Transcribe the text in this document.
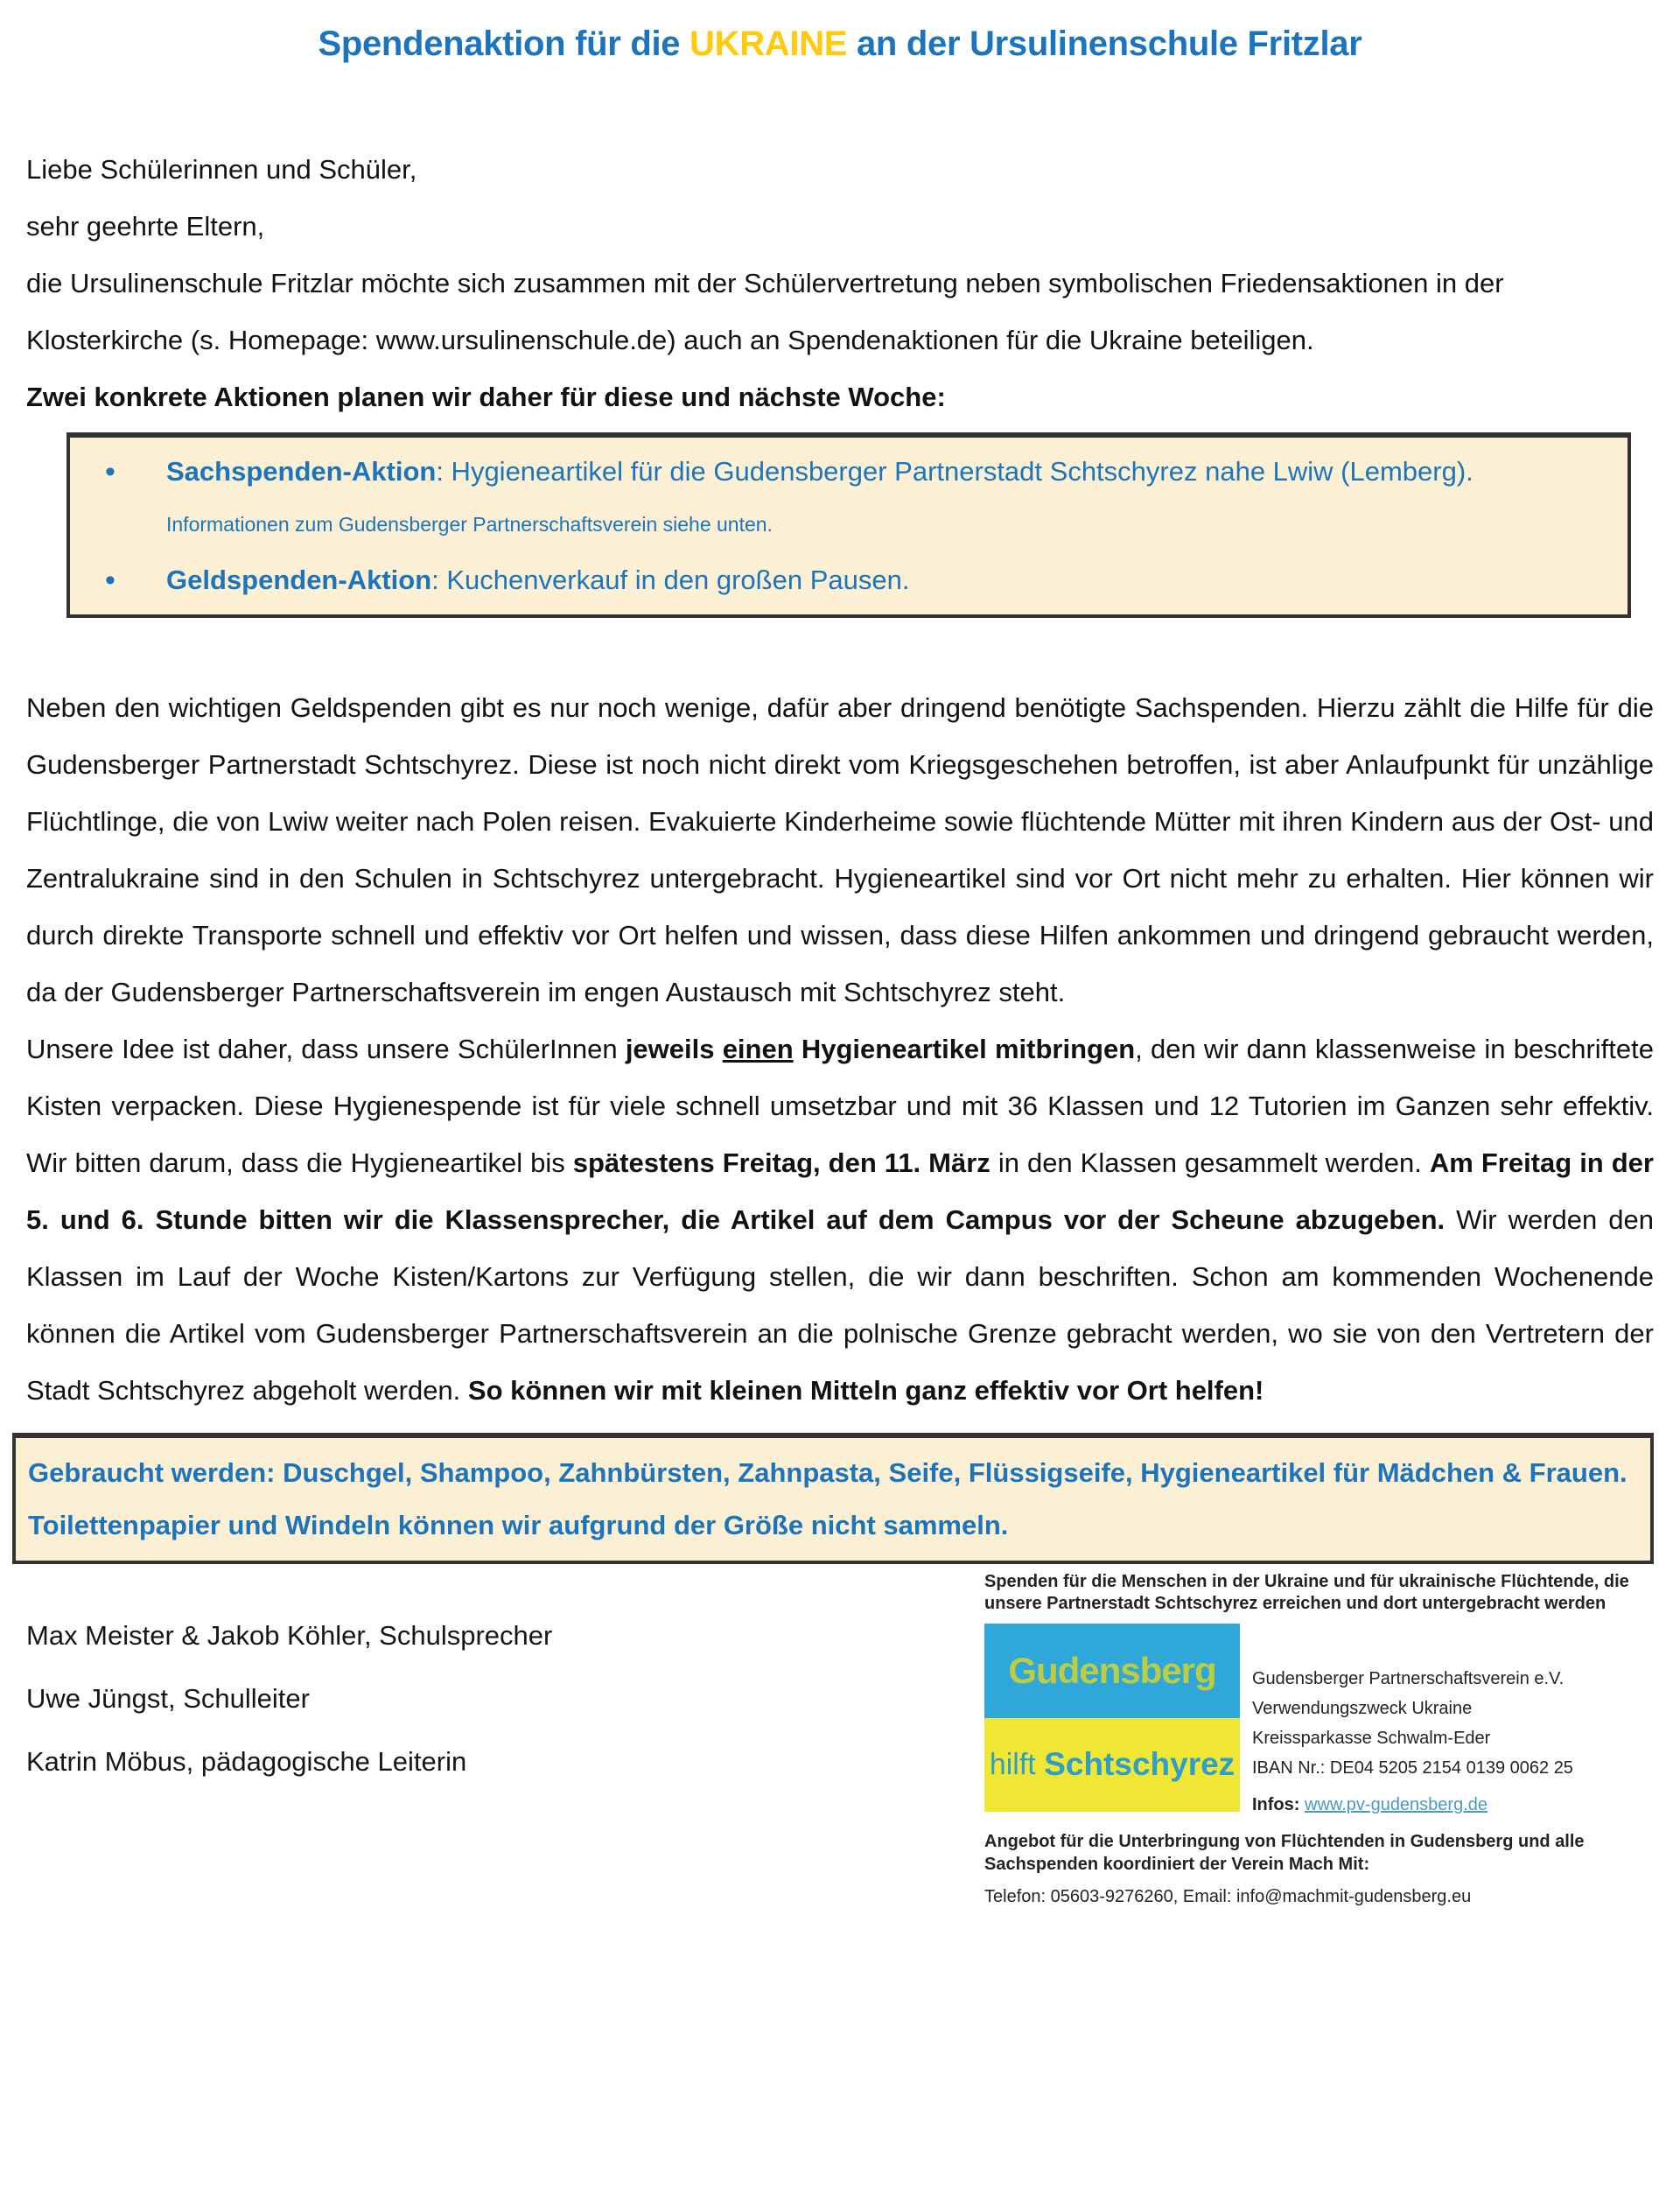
Spendenaktion für die UKRAINE an der Ursulinenschule Fritzlar
Liebe Schülerinnen und Schüler,
sehr geehrte Eltern,
die Ursulinenschule Fritzlar möchte sich zusammen mit der Schülervertretung neben symbolischen Friedensaktionen in der Klosterkirche (s. Homepage: www.ursulinenschule.de) auch an Spendenaktionen für die Ukraine beteiligen.
Zwei konkrete Aktionen planen wir daher für diese und nächste Woche:
• Sachspenden-Aktion: Hygieneartikel für die Gudensberger Partnerstadt Schtschyrez nahe Lwiw (Lemberg). Informationen zum Gudensberger Partnerschaftsverein siehe unten.
• Geldspenden-Aktion: Kuchenverkauf in den großen Pausen.
Neben den wichtigen Geldspenden gibt es nur noch wenige, dafür aber dringend benötigte Sachspenden. Hierzu zählt die Hilfe für die Gudensberger Partnerstadt Schtschyrez. Diese ist noch nicht direkt vom Kriegsgeschehen betroffen, ist aber Anlaufpunkt für unzählige Flüchtlinge, die von Lwiw weiter nach Polen reisen. Evakuierte Kinderheime sowie flüchtende Mütter mit ihren Kindern aus der Ost- und Zentralukraine sind in den Schulen in Schtschyrez untergebracht. Hygieneartikel sind vor Ort nicht mehr zu erhalten. Hier können wir durch direkte Transporte schnell und effektiv vor Ort helfen und wissen, dass diese Hilfen ankommen und dringend gebraucht werden, da der Gudensberger Partnerschaftsverein im engen Austausch mit Schtschyrez steht.
Unsere Idee ist daher, dass unsere SchülerInnen jeweils einen Hygieneartikel mitbringen, den wir dann klassenweise in beschriftete Kisten verpacken. Diese Hygienespende ist für viele schnell umsetzbar und mit 36 Klassen und 12 Tutorien im Ganzen sehr effektiv. Wir bitten darum, dass die Hygieneartikel bis spätestens Freitag, den 11. März in den Klassen gesammelt werden. Am Freitag in der 5. und 6. Stunde bitten wir die Klassensprecher, die Artikel auf dem Campus vor der Scheune abzugeben. Wir werden den Klassen im Lauf der Woche Kisten/Kartons zur Verfügung stellen, die wir dann beschriften. Schon am kommenden Wochenende können die Artikel vom Gudensberger Partnerschaftsverein an die polnische Grenze gebracht werden, wo sie von den Vertretern der Stadt Schtschyrez abgeholt werden. So können wir mit kleinen Mitteln ganz effektiv vor Ort helfen!
Gebraucht werden: Duschgel, Shampoo, Zahnbürsten, Zahnpasta, Seife, Flüssigseife, Hygieneartikel für Mädchen & Frauen. Toilettenpapier und Windeln können wir aufgrund der Größe nicht sammeln.
Max Meister & Jakob Köhler, Schulsprecher
Uwe Jüngst, Schulleiter
Katrin Möbus, pädagogische Leiterin
Spenden für die Menschen in der Ukraine und für ukrainische Flüchtende, die unsere Partnerstadt Schtschyrez erreichen und dort untergebracht werden
Gudensberg
hilft
Schtschyrez
Gudensberger Partnerschaftsverein e.V.
Verwendungszweck Ukraine
Kreissparkasse Schwalm-Eder
IBAN Nr.: DE04 5205 2154 0139 0062 25
Infos: www.pv-gudensberg.de
Angebot für die Unterbringung von Flüchtenden in Gudensberg und alle Sachspenden koordiniert der Verein Mach Mit:
Telefon: 05603-9276260, Email: info@machmit-gudensberg.eu
